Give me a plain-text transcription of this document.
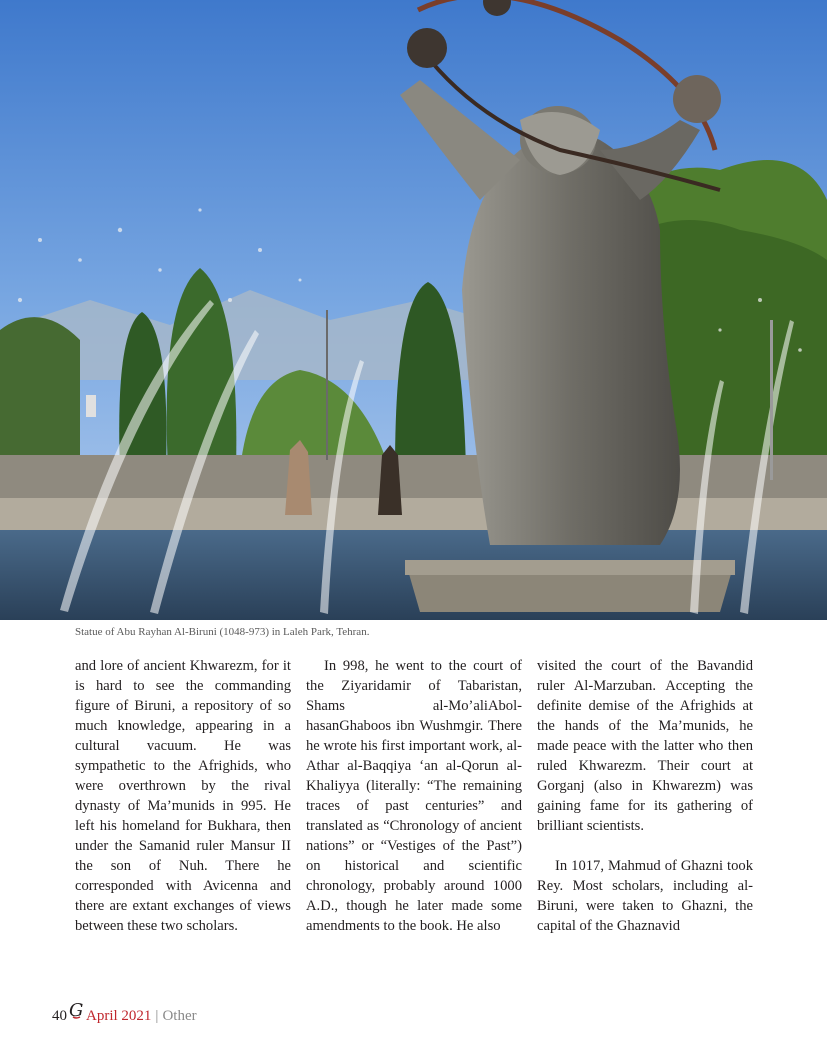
Statue of Abu Rayhan Al-Biruni (1048-973) in Laleh Park, Tehran.

and lore of ancient Khwarezm, for it is hard to see the commanding figure of Biruni, a repository of so much knowledge, appearing in a cultural vacuum. He was sympathetic to the Afrighids, who were overthrown by the rival dynasty of Ma’munids in 995. He left his homeland for Bukhara, then under the Samanid ruler Mansur II the son of Nuh. There he corresponded with Avicenna and there are extant exchanges of views between these two scholars.

In 998, he went to the court of the Ziyaridamir of Tabaristan, Shams al-Mo’aliAbol-hasanGhaboos ibn Wushmgir. There he wrote his first important work, al-Athar al-Baqqiya ‘an al-Qorun al-Khaliyya (literally: “The remaining traces of past centuries” and translated as “Chronology of ancient nations” or “Vestiges of the Past”) on historical and scientific chronology, probably around 1000 A.D., though he later made some amendments to the book. He also

visited the court of the Bavandid ruler Al-Marzuban. Accepting the definite demise of the Afrighids at the hands of the Ma’munids, he made peace with the latter who then ruled Khwarezm. Their court at Gorganj (also in Khwarezm) was gaining fame for its gathering of brilliant scientists.

In 1017, Mahmud of Ghazni took Rey. Most scholars, including al-Biruni, were taken to Ghazni, the capital of the Ghaznavid

40 G April 2021 | Other
